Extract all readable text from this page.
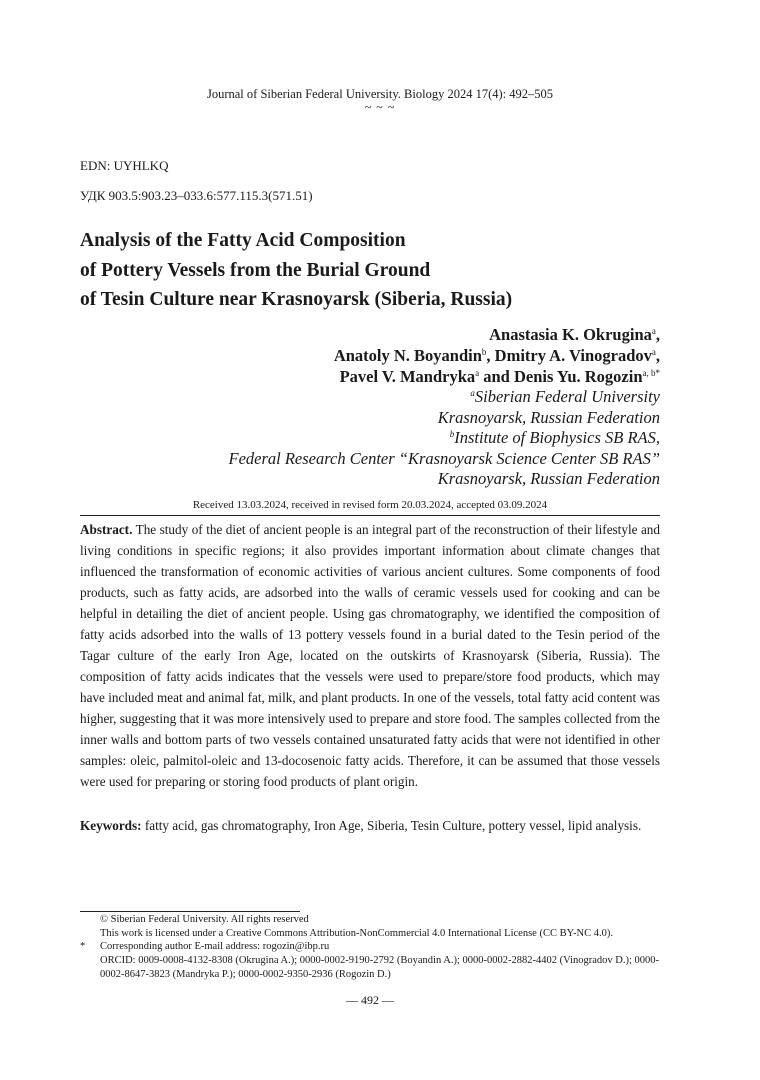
Journal of Siberian Federal University. Biology 2024 17(4): 492–505
~ ~ ~
EDN: UYHLKQ
УДК 903.5:903.23–033.6:577.115.3(571.51)
Analysis of the Fatty Acid Composition
of Pottery Vessels from the Burial Ground
of Tesin Culture near Krasnoyarsk (Siberia, Russia)
Anastasia K. Okrugina$^a$,
Anatoly N. Boyandin$^b$, Dmitry A. Vinogradov$^a$,
Pavel V. Mandryka$^a$ and Denis Yu. Rogozin$^{a, b*}$
$^a$Siberian Federal University
Krasnoyarsk, Russian Federation
$^b$Institute of Biophysics SB RAS,
Federal Research Center “Krasnoyarsk Science Center SB RAS”
Krasnoyarsk, Russian Federation
Received 13.03.2024, received in revised form 20.03.2024, accepted 03.09.2024
Abstract. The study of the diet of ancient people is an integral part of the reconstruction of their lifestyle and living conditions in specific regions; it also provides important information about climate changes that influenced the transformation of economic activities of various ancient cultures. Some components of food products, such as fatty acids, are adsorbed into the walls of ceramic vessels used for cooking and can be helpful in detailing the diet of ancient people. Using gas chromatography, we identified the composition of fatty acids adsorbed into the walls of 13 pottery vessels found in a burial dated to the Tesin period of the Tagar culture of the early Iron Age, located on the outskirts of Krasnoyarsk (Siberia, Russia). The composition of fatty acids indicates that the vessels were used to prepare/store food products, which may have included meat and animal fat, milk, and plant products. In one of the vessels, total fatty acid content was higher, suggesting that it was more intensively used to prepare and store food. The samples collected from the inner walls and bottom parts of two vessels contained unsaturated fatty acids that were not identified in other samples: oleic, palmitol-oleic and 13-docosenoic fatty acids. Therefore, it can be assumed that those vessels were used for preparing or storing food products of plant origin.
Keywords: fatty acid, gas chromatography, Iron Age, Siberia, Tesin Culture, pottery vessel, lipid analysis.
© Siberian Federal University. All rights reserved
This work is licensed under a Creative Commons Attribution-NonCommercial 4.0 International License (CC BY-NC 4.0).
* Corresponding author E-mail address: rogozin@ibp.ru
ORCID: 0009-0008-4132-8308 (Okrugina A.); 0000-0002-9190-2792 (Boyandin A.); 0000-0002-2882-4402 (Vinogradov D.); 0000-0002-8647-3823 (Mandryka P.); 0000-0002-9350-2936 (Rogozin D.)
— 492 —
